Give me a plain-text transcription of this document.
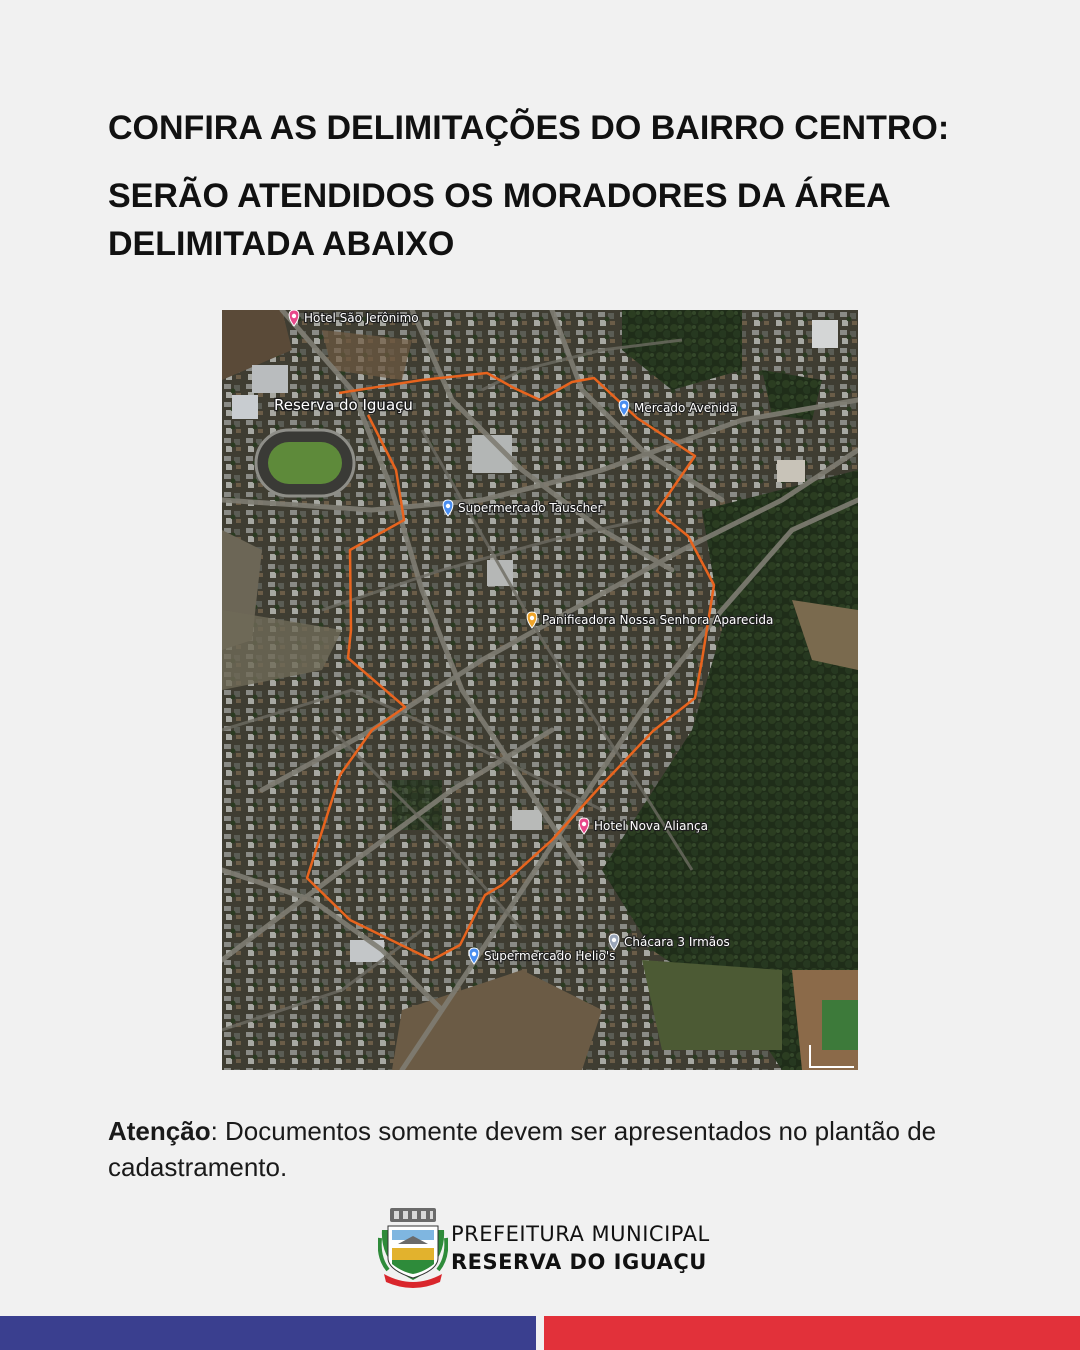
CONFIRA AS DELIMITAÇÕES DO BAIRRO CENTRO:
SERÃO ATENDIDOS OS MORADORES DA ÁREA DELIMITADA ABAIXO
Hotel São Jerônimo
Mercado Avenida
Supermercado Tauscher
Panificadora Nossa Senhora Aparecida
Hotel Nova Aliança
Chácara 3 Irmãos
Supermercado Helio's
Reserva do Iguaçu
Atenção: Documentos somente devem ser apresentados no plantão de cadastramento.
PREFEITURA MUNICIPAL
RESERVA DO IGUAÇU
